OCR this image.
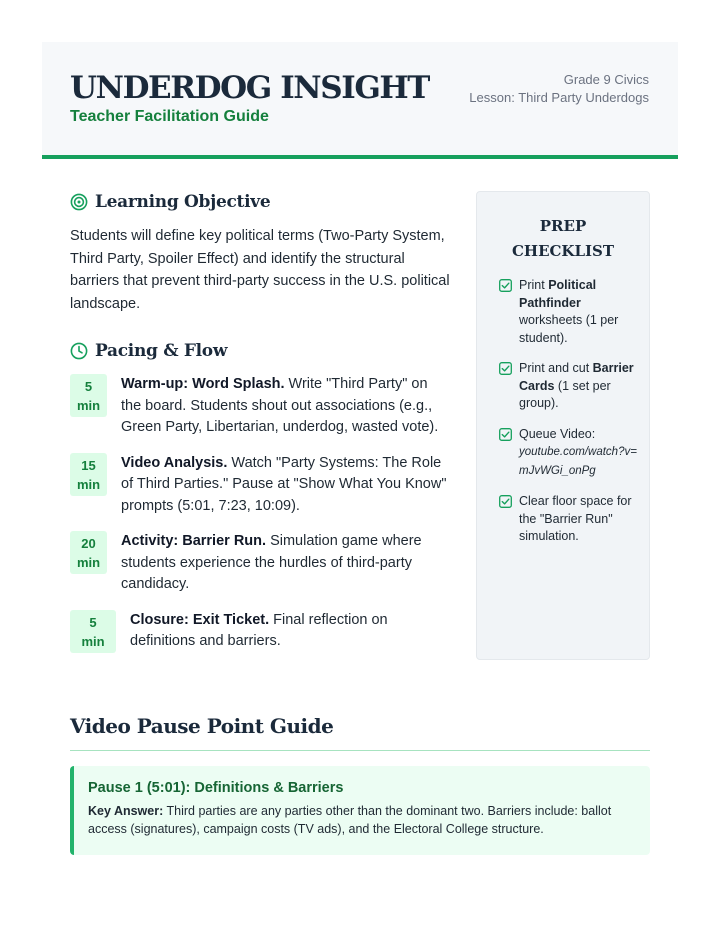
UNDERDOG INSIGHT
Teacher Facilitation Guide
Grade 9 Civics
Lesson: Third Party Underdogs
Learning Objective

Students will define key political terms (Two-Party System, Third Party, Spoiler Effect) and identify the structural barriers that prevent third-party success in the U.S. political landscape.

Pacing & Flow
5
min
Warm-up: Word Splash. Write "Third Party" on the board. Students shout out associations (e.g., Green Party, Libertarian, underdog, wasted vote).
15
min
Video Analysis. Watch "Party Systems: The Role of Third Parties." Pause at "Show What You Know" prompts (5:01, 7:23, 10:09).
20
min
Activity: Barrier Run. Simulation game where students experience the hurdles of third-party candidacy.
5
min
Closure: Exit Ticket. Final reflection on definitions and barriers.
PREP
CHECKLIST
Print Political Pathfinder worksheets (1 per student).
Print and cut Barrier Cards (1 set per group).
Queue Video:
youtube.com/watch?v=mJvWGi_onPg
Clear floor space for the "Barrier Run" simulation.
Video Pause Point Guide
Pause 1 (5:01): Definitions & Barriers
Key Answer: Third parties are any parties other than the dominant two. Barriers include: ballot access (signatures), campaign costs (TV ads), and the Electoral College structure.
